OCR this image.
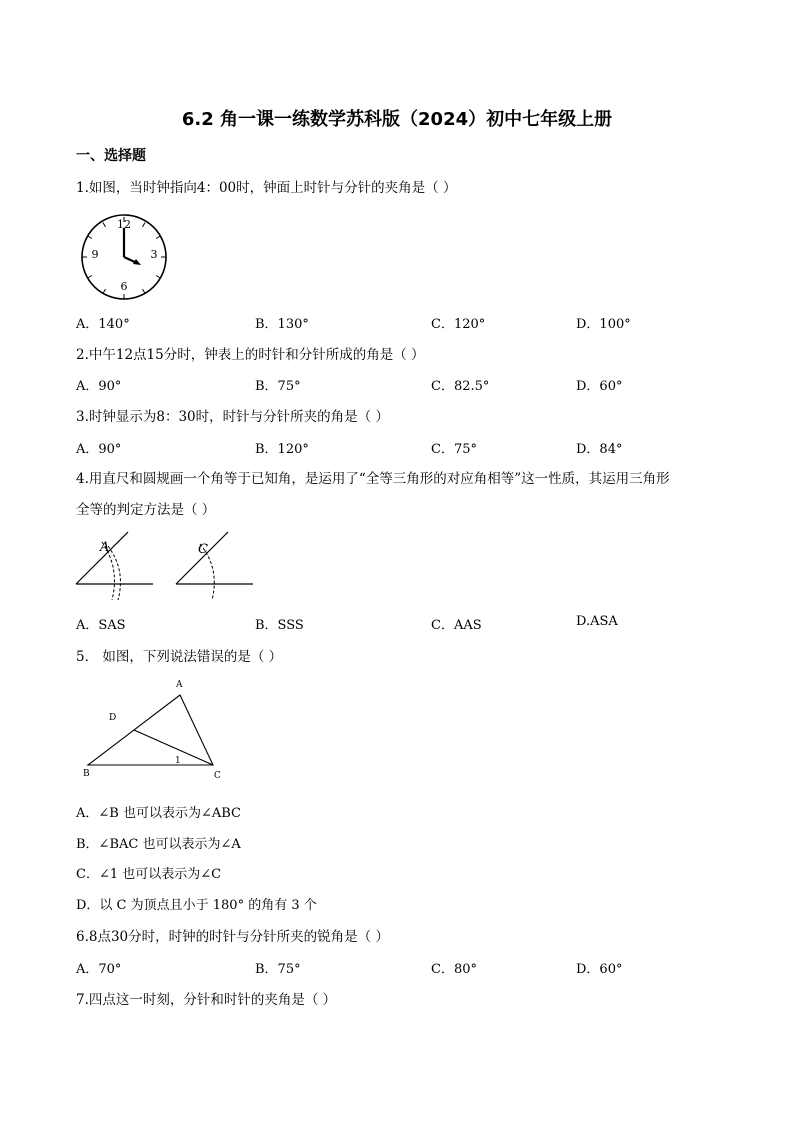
6.2 角一课一练数学苏科版（2024）初中七年级上册
一、选择题
1.如图，当时钟指向4：00时，钟面上时针与分针的夹角是（ ）
12
3
6
9
A．140°	B．130°	C．120°	D．100°
2.中午12点15分时，钟表上的时针和分针所成的角是（ ）
A．90°	B．75°	C．82.5°	D．60°
3.时钟显示为8：30时，时针与分针所夹的角是（ ）
A．90°	B．120°	C．75°	D．84°
4.用直尺和圆规画一个角等于已知角，是运用了“全等三角形的对应角相等”这一性质，其运用三角形
全等的判定方法是（ ）
A	C
A．SAS	B．SSS	C．AAS	D.ASA
5． 如图，下列说法错误的是（ ）
A
B	C
D
1
A．∠B 也可以表示为∠ABC
B．∠BAC 也可以表示为∠A
C．∠1 也可以表示为∠C
D．以 C 为顶点且小于 180° 的角有 3 个
6.8点30分时，时钟的时针与分针所夹的锐角是（ ）
A．70°	B．75°	C．80°	D．60°
7.四点这一时刻，分针和时针的夹角是（ ）
